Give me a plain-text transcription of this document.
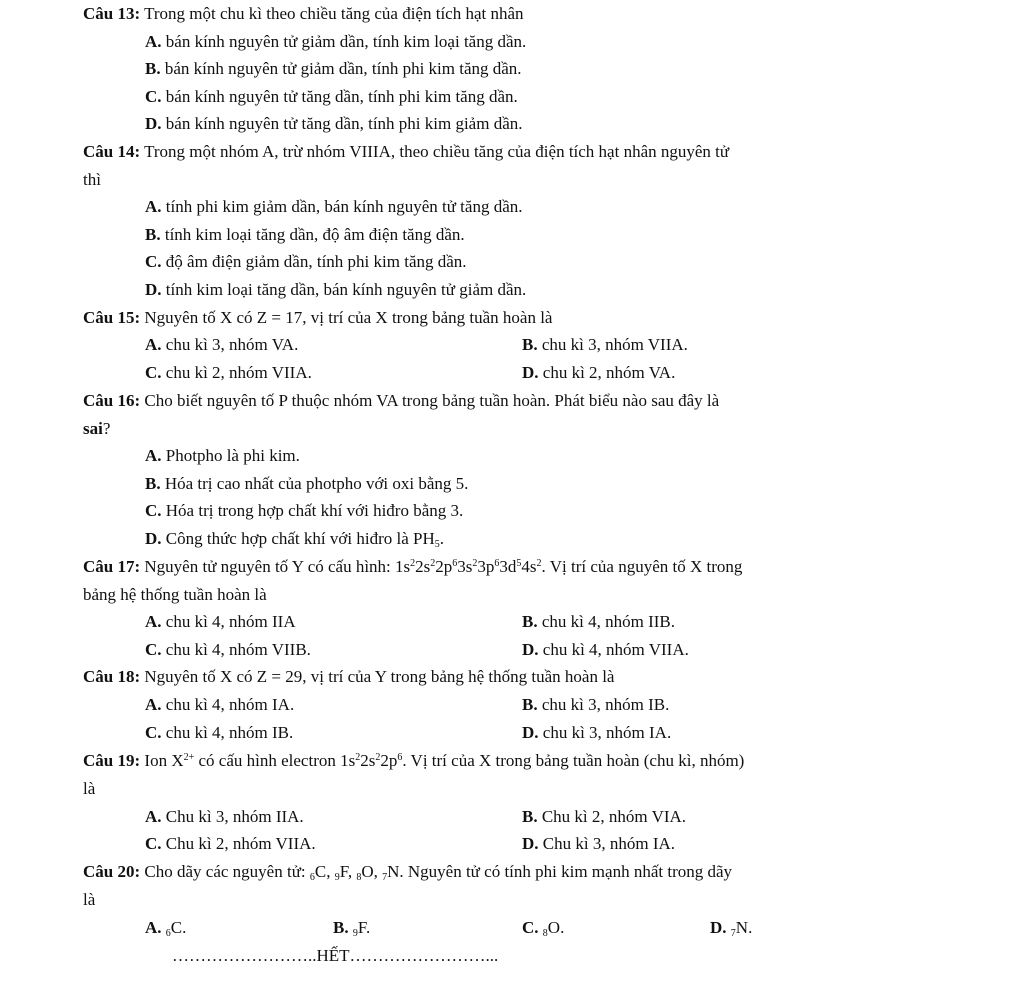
Câu 13: Trong một chu kì theo chiều tăng của điện tích hạt nhân
A. bán kính nguyên tử giảm dần, tính kim loại tăng dần.
B. bán kính nguyên tử giảm dần, tính phi kim tăng dần.
C. bán kính nguyên tử tăng dần, tính phi kim tăng dần.
D. bán kính nguyên tử tăng dần, tính phi kim giảm dần.
Câu 14: Trong một nhóm A, trừ nhóm VIIIA, theo chiều tăng của điện tích hạt nhân nguyên tử
thì
A. tính phi kim giảm dần, bán kính nguyên tử tăng dần.
B. tính kim loại tăng dần, độ âm điện tăng dần.
C. độ âm điện giảm dần, tính phi kim tăng dần.
D. tính kim loại tăng dần, bán kính nguyên tử giảm dần.
Câu 15: Nguyên tố X có Z = 17, vị trí của X trong bảng tuần hoàn là
A. chu kì 3, nhóm VA.	B. chu kì 3, nhóm VIIA.
C. chu kì 2, nhóm VIIA.	D. chu kì 2, nhóm VA.
Câu 16: Cho biết nguyên tố P thuộc nhóm VA trong bảng tuần hoàn. Phát biểu nào sau đây là
sai?
A. Photpho là phi kim.
B. Hóa trị cao nhất của photpho với oxi bằng 5.
C. Hóa trị trong hợp chất khí với hiđro bằng 3.
D. Công thức hợp chất khí với hiđro là $PH_5$.
Câu 17: Nguyên tử nguyên tố Y có cấu hình: $1s^22s^22p^63s^23p^63d^54s^2$. Vị trí của nguyên tố X trong
bảng hệ thống tuần hoàn là
A. chu kì 4, nhóm IIA	B. chu kì 4, nhóm IIB.
C. chu kì 4, nhóm VIIB.	D. chu kì 4, nhóm VIIA.
Câu 18: Nguyên tố X có Z = 29, vị trí của Y trong bảng hệ thống tuần hoàn là
A. chu kì 4, nhóm IA.	B. chu kì 3, nhóm IB.
C. chu kì 4, nhóm IB.	D. chu kì 3, nhóm IA.
Câu 19: Ion $X^{2+}$ có cấu hình electron $1s^22s^22p^6$. Vị trí của X trong bảng tuần hoàn (chu kì, nhóm)
là
A. Chu kì 3, nhóm IIA.	B. Chu kì 2, nhóm VIA.
C. Chu kì 2, nhóm VIIA.	D. Chu kì 3, nhóm IA.
Câu 20: Cho dãy các nguyên tử: 6C, 9F, 8O, 7N. Nguyên tử có tính phi kim mạnh nhất trong dãy
là
A. 6C.	B. 9F.	C. 8O.	D. 7N.
……………………..HẾT……………………...
